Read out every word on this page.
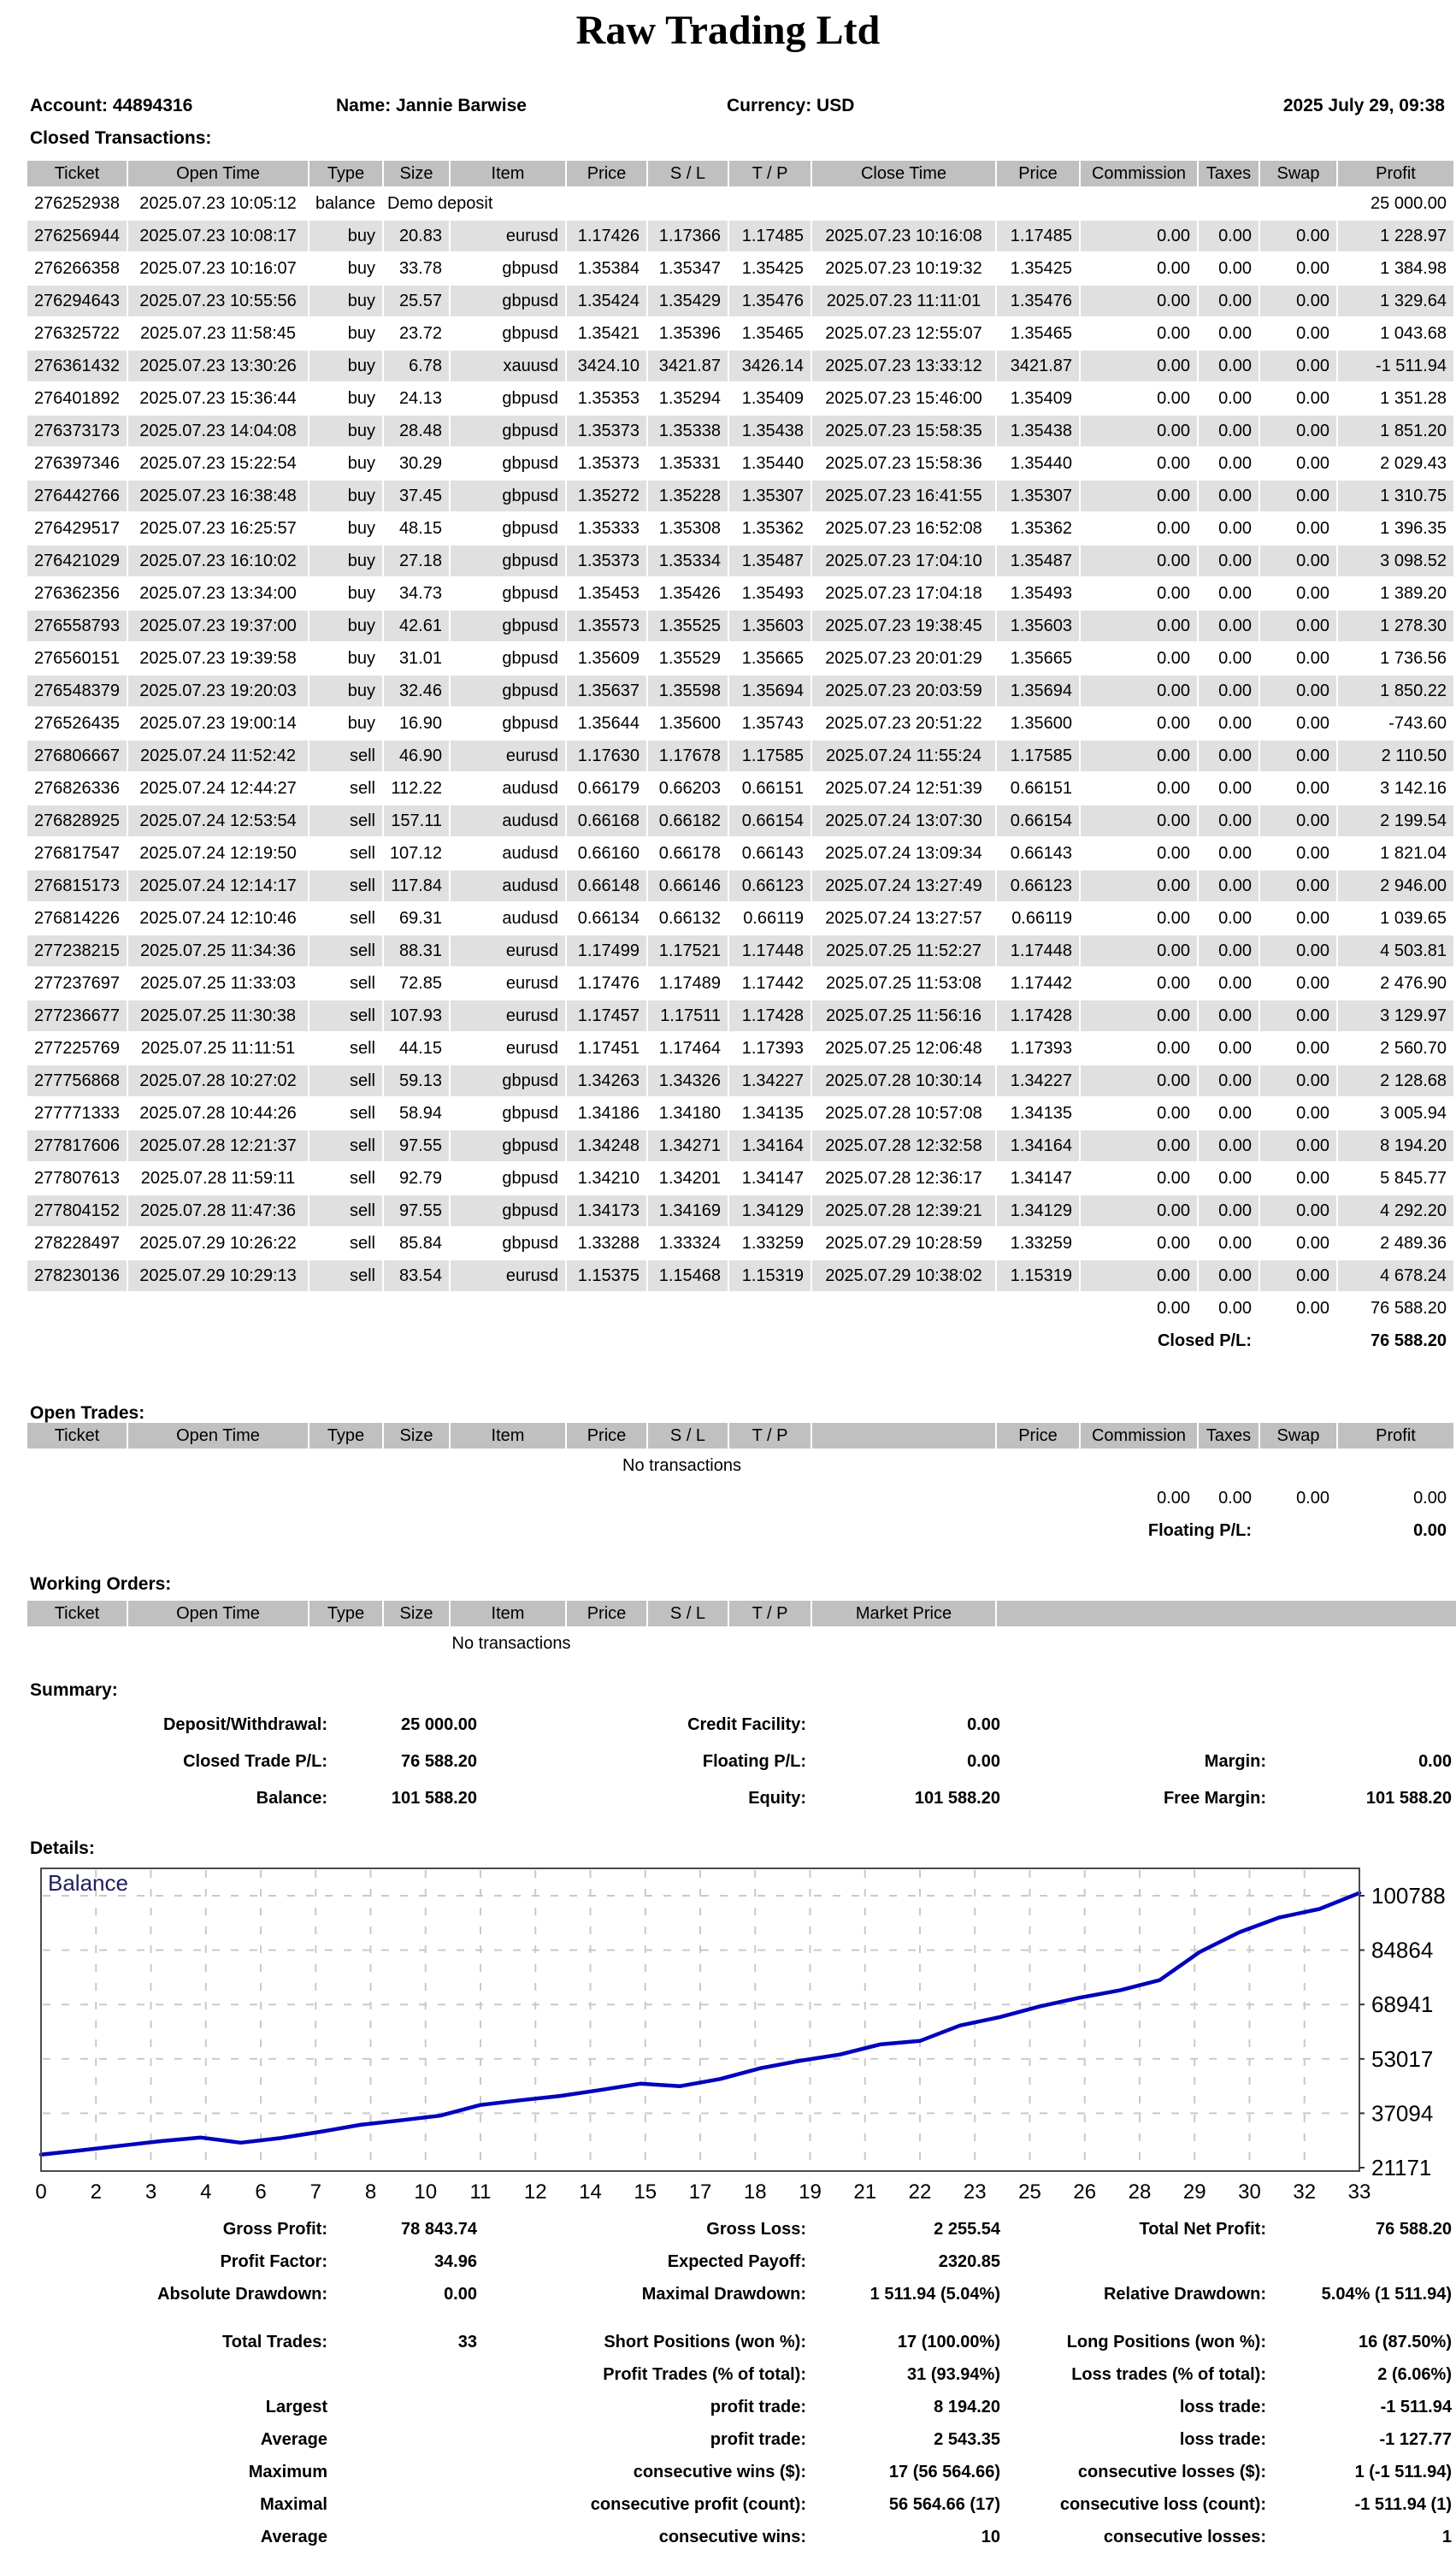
Raw Trading Ltd
Account: 44894316	Name: Jannie Barwise	Currency: USD	2025 July 29, 09:38
Closed Transactions:
Ticket	Open Time	Type	Size	Item	Price	S / L	T / P	Close Time	Price	Commission	Taxes	Swap	Profit
276252938	2025.07.23 10:05:12	balance	Demo deposit										25 000.00
276256944	2025.07.23 10:08:17	buy	20.83	eurusd	1.17426	1.17366	1.17485	2025.07.23 10:16:08	1.17485	0.00	0.00	0.00	1 228.97
276266358	2025.07.23 10:16:07	buy	33.78	gbpusd	1.35384	1.35347	1.35425	2025.07.23 10:19:32	1.35425	0.00	0.00	0.00	1 384.98
276294643	2025.07.23 10:55:56	buy	25.57	gbpusd	1.35424	1.35429	1.35476	2025.07.23 11:11:01	1.35476	0.00	0.00	0.00	1 329.64
276325722	2025.07.23 11:58:45	buy	23.72	gbpusd	1.35421	1.35396	1.35465	2025.07.23 12:55:07	1.35465	0.00	0.00	0.00	1 043.68
276361432	2025.07.23 13:30:26	buy	6.78	xauusd	3424.10	3421.87	3426.14	2025.07.23 13:33:12	3421.87	0.00	0.00	0.00	-1 511.94
276401892	2025.07.23 15:36:44	buy	24.13	gbpusd	1.35353	1.35294	1.35409	2025.07.23 15:46:00	1.35409	0.00	0.00	0.00	1 351.28
276373173	2025.07.23 14:04:08	buy	28.48	gbpusd	1.35373	1.35338	1.35438	2025.07.23 15:58:35	1.35438	0.00	0.00	0.00	1 851.20
276397346	2025.07.23 15:22:54	buy	30.29	gbpusd	1.35373	1.35331	1.35440	2025.07.23 15:58:36	1.35440	0.00	0.00	0.00	2 029.43
276442766	2025.07.23 16:38:48	buy	37.45	gbpusd	1.35272	1.35228	1.35307	2025.07.23 16:41:55	1.35307	0.00	0.00	0.00	1 310.75
276429517	2025.07.23 16:25:57	buy	48.15	gbpusd	1.35333	1.35308	1.35362	2025.07.23 16:52:08	1.35362	0.00	0.00	0.00	1 396.35
276421029	2025.07.23 16:10:02	buy	27.18	gbpusd	1.35373	1.35334	1.35487	2025.07.23 17:04:10	1.35487	0.00	0.00	0.00	3 098.52
276362356	2025.07.23 13:34:00	buy	34.73	gbpusd	1.35453	1.35426	1.35493	2025.07.23 17:04:18	1.35493	0.00	0.00	0.00	1 389.20
276558793	2025.07.23 19:37:00	buy	42.61	gbpusd	1.35573	1.35525	1.35603	2025.07.23 19:38:45	1.35603	0.00	0.00	0.00	1 278.30
276560151	2025.07.23 19:39:58	buy	31.01	gbpusd	1.35609	1.35529	1.35665	2025.07.23 20:01:29	1.35665	0.00	0.00	0.00	1 736.56
276548379	2025.07.23 19:20:03	buy	32.46	gbpusd	1.35637	1.35598	1.35694	2025.07.23 20:03:59	1.35694	0.00	0.00	0.00	1 850.22
276526435	2025.07.23 19:00:14	buy	16.90	gbpusd	1.35644	1.35600	1.35743	2025.07.23 20:51:22	1.35600	0.00	0.00	0.00	-743.60
276806667	2025.07.24 11:52:42	sell	46.90	eurusd	1.17630	1.17678	1.17585	2025.07.24 11:55:24	1.17585	0.00	0.00	0.00	2 110.50
276826336	2025.07.24 12:44:27	sell	112.22	audusd	0.66179	0.66203	0.66151	2025.07.24 12:51:39	0.66151	0.00	0.00	0.00	3 142.16
276828925	2025.07.24 12:53:54	sell	157.11	audusd	0.66168	0.66182	0.66154	2025.07.24 13:07:30	0.66154	0.00	0.00	0.00	2 199.54
276817547	2025.07.24 12:19:50	sell	107.12	audusd	0.66160	0.66178	0.66143	2025.07.24 13:09:34	0.66143	0.00	0.00	0.00	1 821.04
276815173	2025.07.24 12:14:17	sell	117.84	audusd	0.66148	0.66146	0.66123	2025.07.24 13:27:49	0.66123	0.00	0.00	0.00	2 946.00
276814226	2025.07.24 12:10:46	sell	69.31	audusd	0.66134	0.66132	0.66119	2025.07.24 13:27:57	0.66119	0.00	0.00	0.00	1 039.65
277238215	2025.07.25 11:34:36	sell	88.31	eurusd	1.17499	1.17521	1.17448	2025.07.25 11:52:27	1.17448	0.00	0.00	0.00	4 503.81
277237697	2025.07.25 11:33:03	sell	72.85	eurusd	1.17476	1.17489	1.17442	2025.07.25 11:53:08	1.17442	0.00	0.00	0.00	2 476.90
277236677	2025.07.25 11:30:38	sell	107.93	eurusd	1.17457	1.17511	1.17428	2025.07.25 11:56:16	1.17428	0.00	0.00	0.00	3 129.97
277225769	2025.07.25 11:11:51	sell	44.15	eurusd	1.17451	1.17464	1.17393	2025.07.25 12:06:48	1.17393	0.00	0.00	0.00	2 560.70
277756868	2025.07.28 10:27:02	sell	59.13	gbpusd	1.34263	1.34326	1.34227	2025.07.28 10:30:14	1.34227	0.00	0.00	0.00	2 128.68
277771333	2025.07.28 10:44:26	sell	58.94	gbpusd	1.34186	1.34180	1.34135	2025.07.28 10:57:08	1.34135	0.00	0.00	0.00	3 005.94
277817606	2025.07.28 12:21:37	sell	97.55	gbpusd	1.34248	1.34271	1.34164	2025.07.28 12:32:58	1.34164	0.00	0.00	0.00	8 194.20
277807613	2025.07.28 11:59:11	sell	92.79	gbpusd	1.34210	1.34201	1.34147	2025.07.28 12:36:17	1.34147	0.00	0.00	0.00	5 845.77
277804152	2025.07.28 11:47:36	sell	97.55	gbpusd	1.34173	1.34169	1.34129	2025.07.28 12:39:21	1.34129	0.00	0.00	0.00	4 292.20
278228497	2025.07.29 10:26:22	sell	85.84	gbpusd	1.33288	1.33324	1.33259	2025.07.29 10:28:59	1.33259	0.00	0.00	0.00	2 489.36
278230136	2025.07.29 10:29:13	sell	83.54	eurusd	1.15375	1.15468	1.15319	2025.07.29 10:38:02	1.15319	0.00	0.00	0.00	4 678.24
										0.00	0.00	0.00	76 588.20
Closed P/L:												76 588.20	
Open Trades:
Ticket	Open Time	Type	Size	Item	Price	S / L	T / P		Price	Commission	Taxes	Swap	Profit
No transactions													
										0.00	0.00	0.00	0.00
Floating P/L:												0.00	
Working Orders:
Ticket	Open Time	Type	Size	Item	Price	S / L	T / P	Market Price	
No transactions									
Summary:
Deposit/Withdrawal:	25 000.00	Credit Facility:	0.00		
Closed Trade P/L:	76 588.20	Floating P/L:	0.00	Margin:	0.00
Balance:	101 588.20	Equity:	101 588.20	Free Margin:	101 588.20
Details:
21171
37094
53017
68941
84864
100788
0 2 3 4 6 7 8 10 11 12 14 15 17 18 19 21 22 23 25 26 28 29 30 32 33
Balance
Gross Profit:	78 843.74	Gross Loss:	2 255.54	Total Net Profit:	76 588.20
Profit Factor:	34.96	Expected Payoff:	2320.85		
Absolute Drawdown:	0.00	Maximal Drawdown:	1 511.94 (5.04%)	Relative Drawdown:	5.04% (1 511.94)

Total Trades:	33	Short Positions (won %):	17 (100.00%)	Long Positions (won %):	16 (87.50%)
		Profit Trades (% of total):	31 (93.94%)	Loss trades (% of total):	2 (6.06%)
Largest		profit trade:	8 194.20	loss trade:	-1 511.94
Average		profit trade:	2 543.35	loss trade:	-1 127.77
Maximum		consecutive wins ($):	17 (56 564.66)	consecutive losses ($):	1 (-1 511.94)
Maximal		consecutive profit (count):	56 564.66 (17)	consecutive loss (count):	-1 511.94 (1)
Average		consecutive wins:	10	consecutive losses:	1
